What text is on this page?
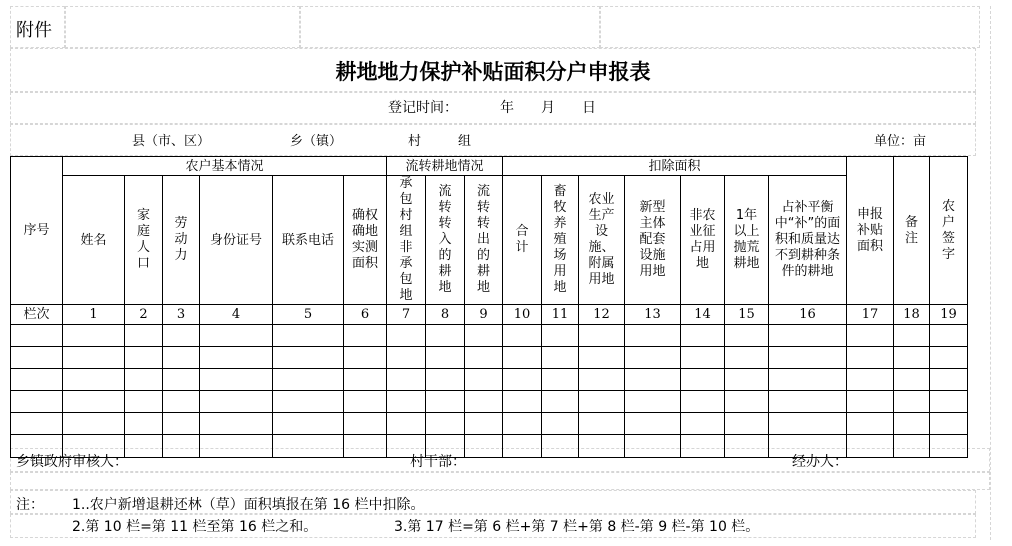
附件
耕地地力保护补贴面积分户申报表
登记时间：	年 月 日
县（市、区）	乡（镇）	村	组	单位：亩
序号	农户基本情况						流转耕地情况			扣除面积							申报补贴面积	备注	农户签字
	姓名	家庭人口	劳动力	身份证号	联系电话	确权确地实测面积	承包村组非承包地	流转转入的耕地	流转转出的耕地	合计	畜牧养殖场用地	农业生产设施、附属用地	新型主体配套设施用地	非农业征占用地	1年以上抛荒耕地	占补平衡中“补”的面积和质量达不到耕种条件的耕地			
栏次	1	2	3	4	5	6	7	8	9	10	11	12	13	14	15	16	17	18	19

乡镇政府审核人：	村干部：	经办人：
注： 1..农户新增退耕还林（草）面积填报在第 16 栏中扣除。
2.第 10 栏=第 11 栏至第 16 栏之和。	3.第 17 栏=第 6 栏+第 7 栏+第 8 栏-第 9 栏-第 10 栏。
